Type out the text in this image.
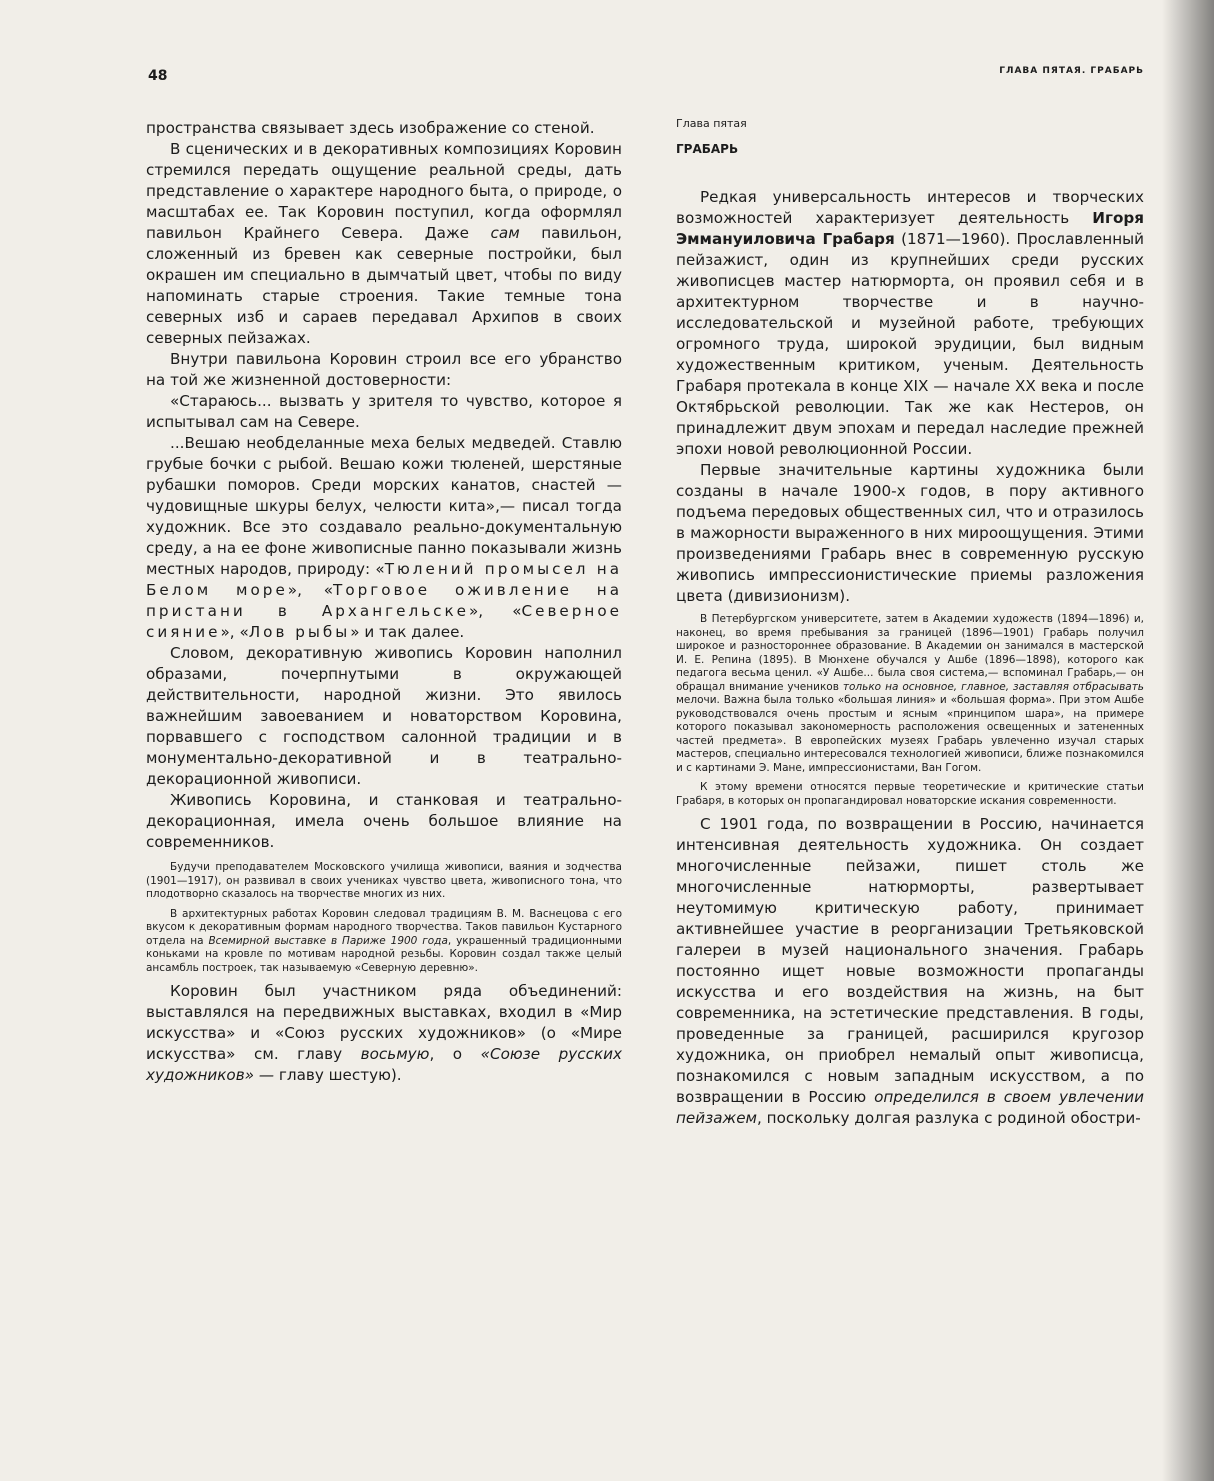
48	ГЛАВА ПЯТАЯ. ГРАБАРЬ

пространства связывает здесь изображение со стеной.

В сценических и в декоративных композициях Коровин стремился передать ощущение реальной среды, дать представление о характере народного быта, о природе, о масштабах ее. Так Коровин поступил, когда оформлял павильон Крайнего Севера. Даже сам павильон, сложенный из бревен как северные постройки, был окрашен им специально в дымчатый цвет, чтобы по виду напоминать старые строения. Такие темные тона северных изб и сараев передавал Архипов в своих северных пейзажах.

Внутри павильона Коровин строил все его убранство на той же жизненной достоверности:

«Стараюсь... вызвать у зрителя то чувство, которое я испытывал сам на Севере.

...Вешаю необделанные меха белых медведей. Ставлю грубые бочки с рыбой. Вешаю кожи тюленей, шерстяные рубашки поморов. Среди морских канатов, снастей — чудовищные шкуры белух, челюсти кита»,— писал тогда художник. Все это создавало реально-документальную среду, а на ее фоне живописные панно показывали жизнь местных народов, природу: «Тюлений промысел на Белом море», «Торговое оживление на пристани в Архангельске», «Северное сияние», «Лов рыбы» и так далее.

Словом, декоративную живопись Коровин наполнил образами, почерпнутыми в окружающей действительности, народной жизни. Это явилось важнейшим завоеванием и новаторством Коровина, порвавшего с господством салонной традиции и в монументально-декоративной и в театрально-декорационной живописи.

Живопись Коровина, и станковая и театрально-декорационная, имела очень большое влияние на современников.

Будучи преподавателем Московского училища живописи, ваяния и зодчества (1901—1917), он развивал в своих учениках чувство цвета, живописного тона, что плодотворно сказалось на творчестве многих из них.

В архитектурных работах Коровин следовал традициям В. М. Васнецова с его вкусом к декоративным формам народного творчества. Таков павильон Кустарного отдела на Всемирной выставке в Париже 1900 года, украшенный традиционными коньками на кровле по мотивам народной резьбы. Коровин создал также целый ансамбль построек, так называемую «Северную деревню».

Коровин был участником ряда объединений: выставлялся на передвижных выставках, входил в «Мир искусства» и «Союз русских художников» (о «Мире искусства» см. главу восьмую, о «Союзе русских художников» — главу шестую).

Глава пятая

ГРАБАРЬ

Редкая универсальность интересов и творческих возможностей характеризует деятельность Игоря Эммануиловича Грабаря (1871—1960). Прославленный пейзажист, один из крупнейших среди русских живописцев мастер натюрморта, он проявил себя и в архитектурном творчестве и в научно-исследовательской и музейной работе, требующих огромного труда, широкой эрудиции, был видным художественным критиком, ученым. Деятельность Грабаря протекала в конце XIX — начале XX века и после Октябрьской революции. Так же как Нестеров, он принадлежит двум эпохам и передал наследие прежней эпохи новой революционной России.

Первые значительные картины художника были созданы в начале 1900-х годов, в пору активного подъема передовых общественных сил, что и отразилось в мажорности выраженного в них мироощущения. Этими произведениями Грабарь внес в современную русскую живопись импрессионистические приемы разложения цвета (дивизионизм).

В Петербургском университете, затем в Академии художеств (1894—1896) и, наконец, во время пребывания за границей (1896—1901) Грабарь получил широкое и разностороннее образование. В Академии он занимался в мастерской И. Е. Репина (1895). В Мюнхене обучался у Ашбе (1896—1898), которого как педагога весьма ценил. «У Ашбе... была своя система,— вспоминал Грабарь,— он обращал внимание учеников только на основное, главное, заставляя отбрасывать мелочи. Важна была только «большая линия» и «большая форма». При этом Ашбе руководствовался очень простым и ясным «принципом шара», на примере которого показывал закономерность расположения освещенных и затененных частей предмета». В европейских музеях Грабарь увлеченно изучал старых мастеров, специально интересовался технологией живописи, ближе познакомился и с картинами Э. Мане, импрессионистами, Ван Гогом.

К этому времени относятся первые теоретические и критические статьи Грабаря, в которых он пропагандировал новаторские искания современности.

С 1901 года, по возвращении в Россию, начинается интенсивная деятельность художника. Он создает многочисленные пейзажи, пишет столь же многочисленные натюрморты, развертывает неутомимую критическую работу, принимает активнейшее участие в реорганизации Третьяковской галереи в музей национального значения. Грабарь постоянно ищет новые возможности пропаганды искусства и его воздействия на жизнь, на быт современника, на эстетические представления. В годы, проведенные за границей, расширился кругозор художника, он приобрел немалый опыт живописца, познакомился с новым западным искусством, а по возвращении в Россию определился в своем увлечении пейзажем, поскольку долгая разлука с родиной обостри-
